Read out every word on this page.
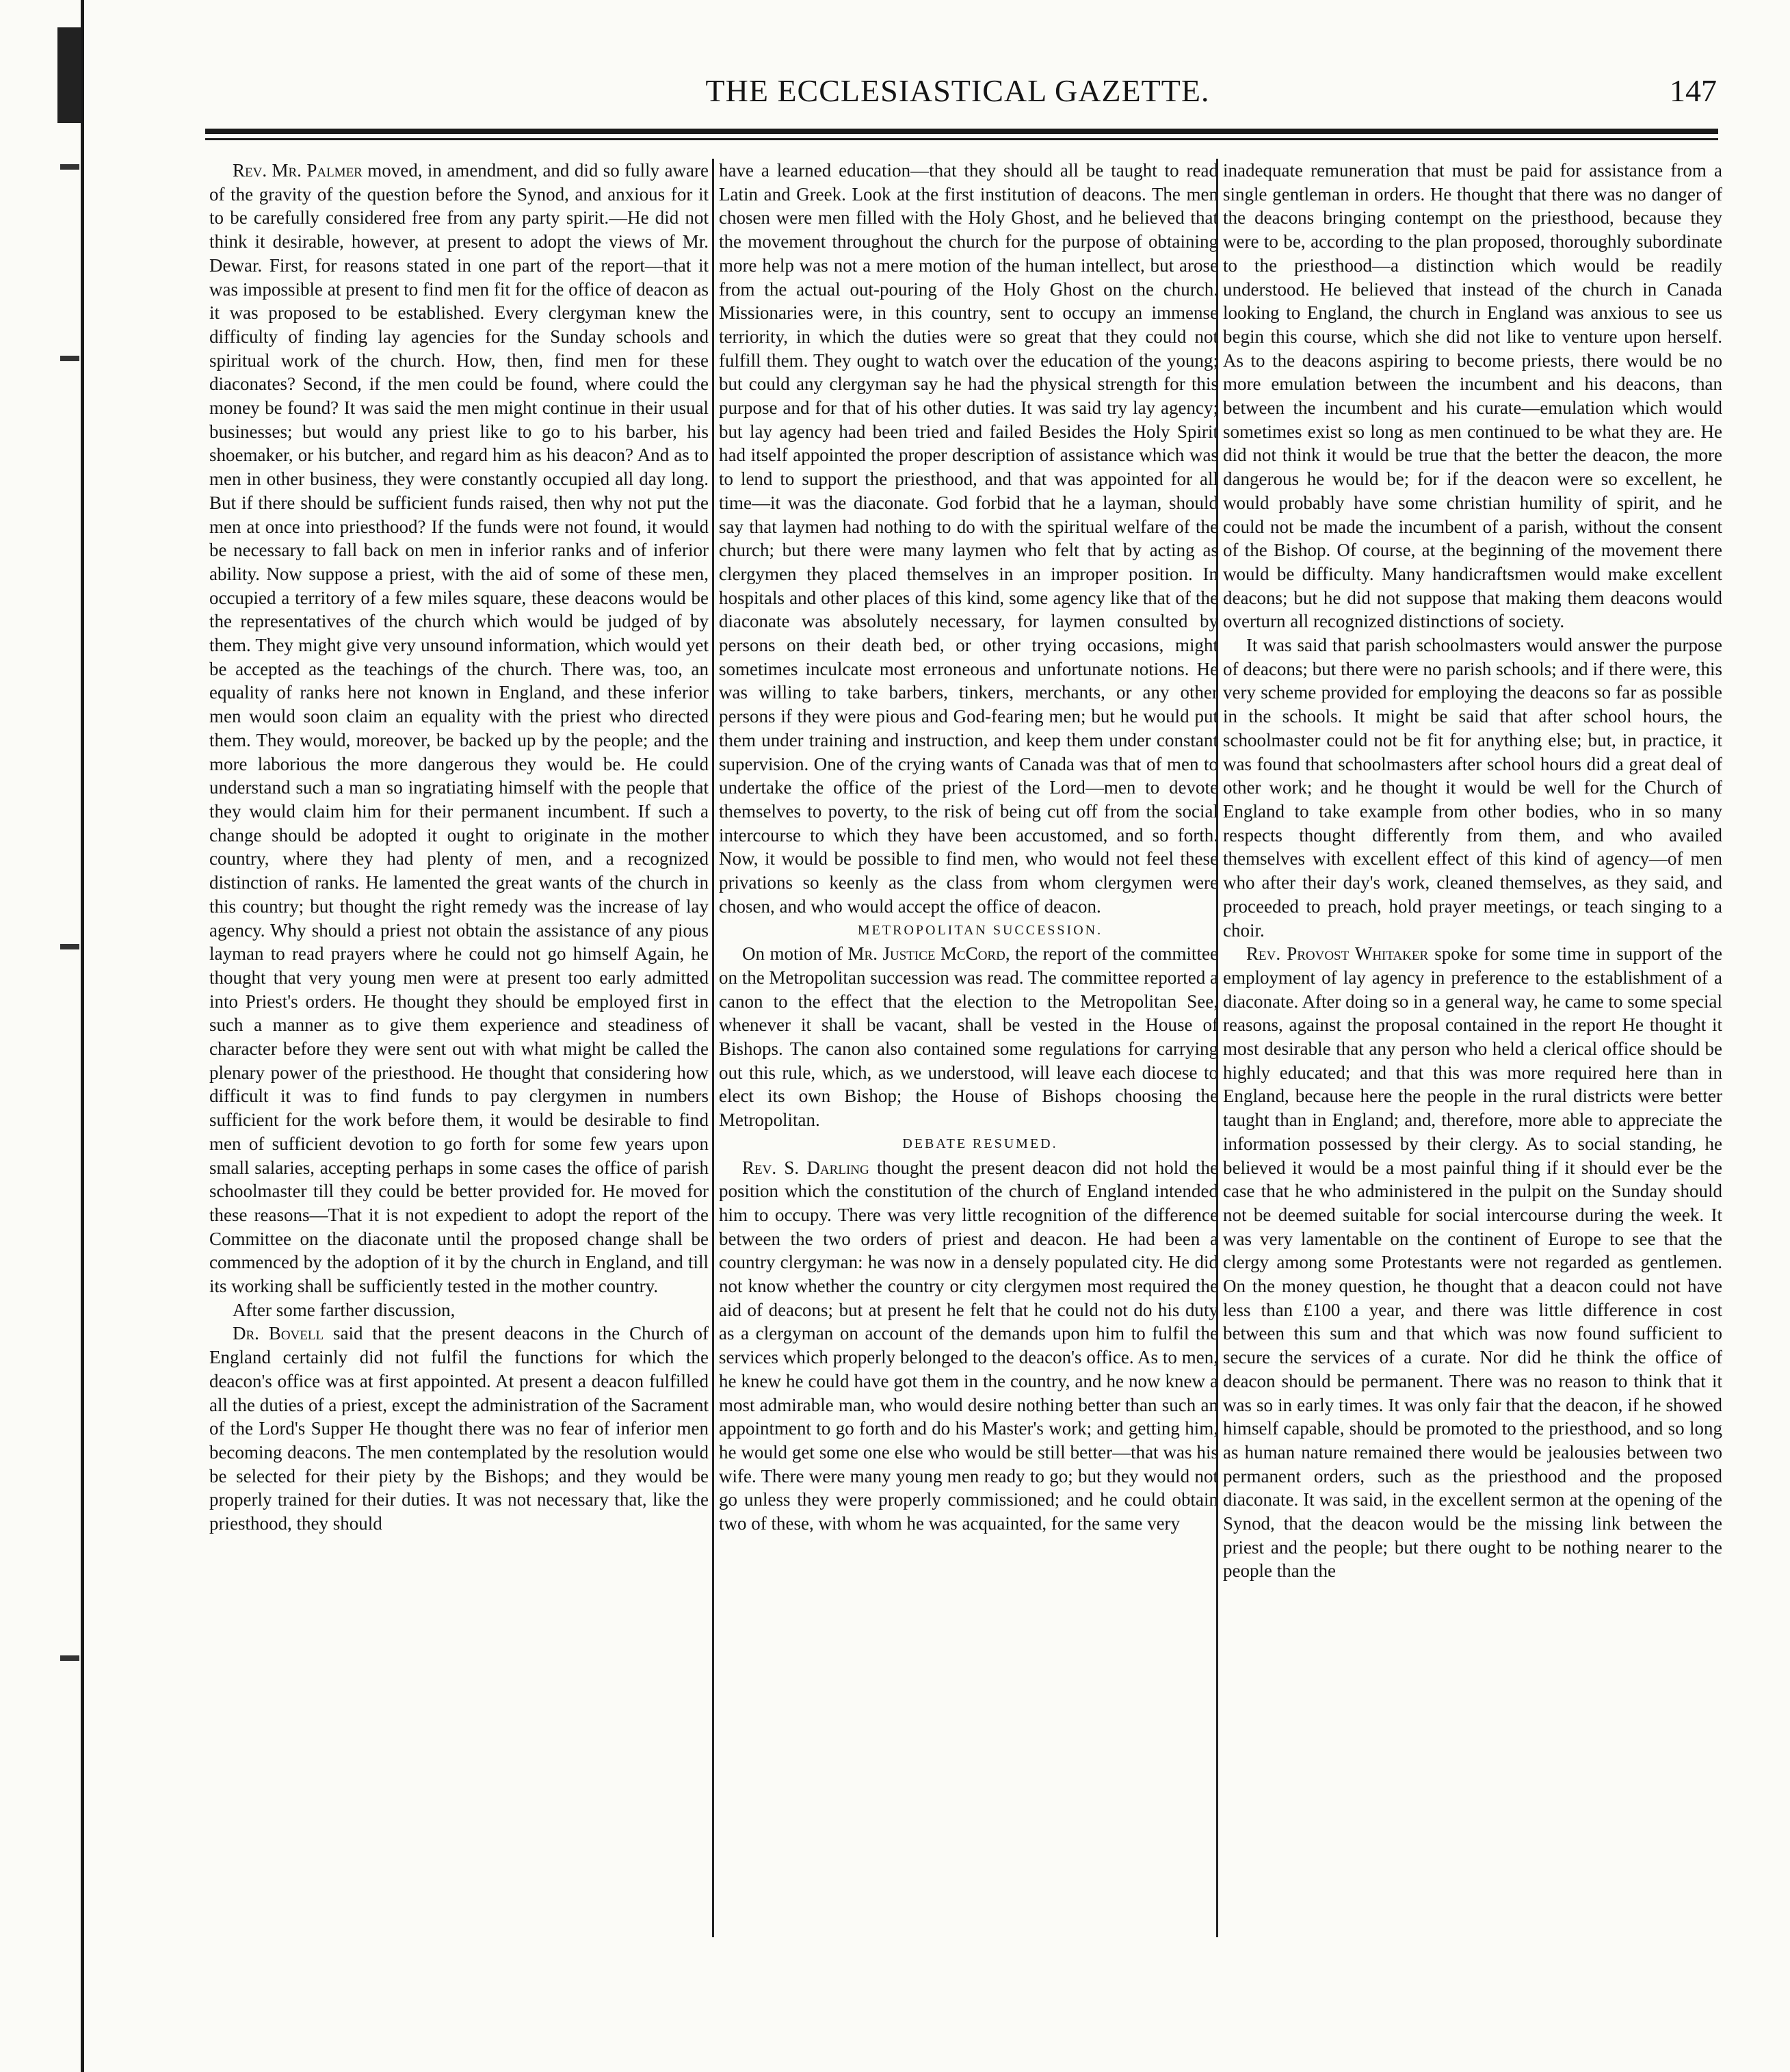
THE ECCLESIASTICAL GAZETTE.	147

Rev. Mr. Palmer moved, in amendment, and did so fully aware of the gravity of the question before the Synod, and anxious for it to be carefully considered free from any party spirit.—He did not think it desirable, however, at present to adopt the views of Mr. Dewar. First, for reasons stated in one part of the report—that it was impossible at present to find men fit for the office of deacon as it was proposed to be established. Every clergyman knew the difficulty of finding lay agencies for the Sunday schools and spiritual work of the church. How, then, find men for these diaconates? Second, if the men could be found, where could the money be found? It was said the men might continue in their usual businesses; but would any priest like to go to his barber, his shoemaker, or his butcher, and regard him as his deacon? And as to men in other business, they were constantly occupied all day long. But if there should be sufficient funds raised, then why not put the men at once into priesthood? If the funds were not found, it would be necessary to fall back on men in inferior ranks and of inferior ability. Now suppose a priest, with the aid of some of these men, occupied a territory of a few miles square, these deacons would be the representatives of the church which would be judged of by them. They might give very unsound information, which would yet be accepted as the teachings of the church. There was, too, an equality of ranks here not known in England, and these inferior men would soon claim an equality with the priest who directed them. They would, moreover, be backed up by the people; and the more laborious the more dangerous they would be. He could understand such a man so ingratiating himself with the people that they would claim him for their permanent incumbent. If such a change should be adopted it ought to originate in the mother country, where they had plenty of men, and a recognized distinction of ranks. He lamented the great wants of the church in this country; but thought the right remedy was the increase of lay agency. Why should a priest not obtain the assistance of any pious layman to read prayers where he could not go himself Again, he thought that very young men were at present too early admitted into Priest's orders. He thought they should be employed first in such a manner as to give them experience and steadiness of character before they were sent out with what might be called the plenary power of the priesthood. He thought that considering how difficult it was to find funds to pay clergymen in numbers sufficient for the work before them, it would be desirable to find men of sufficient devotion to go forth for some few years upon small salaries, accepting perhaps in some cases the office of parish schoolmaster till they could be better provided for. He moved for these reasons—That it is not expedient to adopt the report of the Committee on the diaconate until the proposed change shall be commenced by the adoption of it by the church in England, and till its working shall be sufficiently tested in the mother country.

After some farther discussion,

Dr. Bovell said that the present deacons in the Church of England certainly did not fulfil the functions for which the deacon's office was at first appointed. At present a deacon fulfilled all the duties of a priest, except the administration of the Sacrament of the Lord's Supper He thought there was no fear of inferior men becoming deacons. The men contemplated by the resolution would be selected for their piety by the Bishops; and they would be properly trained for their duties. It was not necessary that, like the priesthood, they should

have a learned education—that they should all be taught to read Latin and Greek. Look at the first institution of deacons. The men chosen were men filled with the Holy Ghost, and he believed that the movement throughout the church for the purpose of obtaining more help was not a mere motion of the human intellect, but arose from the actual out-pouring of the Holy Ghost on the church. Missionaries were, in this country, sent to occupy an immense terriority, in which the duties were so great that they could not fulfill them. They ought to watch over the education of the young; but could any clergyman say he had the physical strength for this purpose and for that of his other duties. It was said try lay agency; but lay agency had been tried and failed Besides the Holy Spirit had itself appointed the proper description of assistance which was to lend to support the priesthood, and that was appointed for all time—it was the diaconate. God forbid that he a layman, should say that laymen had nothing to do with the spiritual welfare of the church; but there were many laymen who felt that by acting as clergymen they placed themselves in an improper position. In hospitals and other places of this kind, some agency like that of the diaconate was absolutely necessary, for laymen consulted by persons on their death bed, or other trying occasions, might sometimes inculcate most erroneous and unfortunate notions. He was willing to take barbers, tinkers, merchants, or any other persons if they were pious and God-fearing men; but he would put them under training and instruction, and keep them under constant supervision. One of the crying wants of Canada was that of men to undertake the office of the priest of the Lord—men to devote themselves to poverty, to the risk of being cut off from the social intercourse to which they have been accustomed, and so forth. Now, it would be possible to find men, who would not feel these privations so keenly as the class from whom clergymen were chosen, and who would accept the office of deacon.

METROPOLITAN SUCCESSION.

On motion of Mr. Justice McCord, the report of the committee on the Metropolitan succession was read. The committee reported a canon to the effect that the election to the Metropolitan See, whenever it shall be vacant, shall be vested in the House of Bishops. The canon also contained some regulations for carrying out this rule, which, as we understood, will leave each diocese to elect its own Bishop; the House of Bishops choosing the Metropolitan.

DEBATE RESUMED.

Rev. S. Darling thought the present deacon did not hold the position which the constitution of the church of England intended him to occupy. There was very little recognition of the difference between the two orders of priest and deacon. He had been a country clergyman: he was now in a densely populated city. He did not know whether the country or city clergymen most required the aid of deacons; but at present he felt that he could not do his duty as a clergyman on account of the demands upon him to fulfil the services which properly belonged to the deacon's office. As to men, he knew he could have got them in the country, and he now knew a most admirable man, who would desire nothing better than such an appointment to go forth and do his Master's work; and getting him, he would get some one else who would be still better—that was his wife. There were many young men ready to go; but they would not go unless they were properly commissioned; and he could obtain two of these, with whom he was acquainted, for the same very

inadequate remuneration that must be paid for assistance from a single gentleman in orders. He thought that there was no danger of the deacons bringing contempt on the priesthood, because they were to be, according to the plan proposed, thoroughly subordinate to the priesthood—a distinction which would be readily understood. He believed that instead of the church in Canada looking to England, the church in England was anxious to see us begin this course, which she did not like to venture upon herself. As to the deacons aspiring to become priests, there would be no more emulation between the incumbent and his deacons, than between the incumbent and his curate—emulation which would sometimes exist so long as men continued to be what they are. He did not think it would be true that the better the deacon, the more dangerous he would be; for if the deacon were so excellent, he would probably have some christian humility of spirit, and he could not be made the incumbent of a parish, without the consent of the Bishop. Of course, at the beginning of the movement there would be difficulty. Many handicraftsmen would make excellent deacons; but he did not suppose that making them deacons would overturn all recognized distinctions of society.

It was said that parish schoolmasters would answer the purpose of deacons; but there were no parish schools; and if there were, this very scheme provided for employing the deacons so far as possible in the schools. It might be said that after school hours, the schoolmaster could not be fit for anything else; but, in practice, it was found that schoolmasters after school hours did a great deal of other work; and he thought it would be well for the Church of England to take example from other bodies, who in so many respects thought differently from them, and who availed themselves with excellent effect of this kind of agency—of men who after their day's work, cleaned themselves, as they said, and proceeded to preach, hold prayer meetings, or teach singing to a choir.

Rev. Provost Whitaker spoke for some time in support of the employment of lay agency in preference to the establishment of a diaconate. After doing so in a general way, he came to some special reasons, against the proposal contained in the report He thought it most desirable that any person who held a clerical office should be highly educated; and that this was more required here than in England, because here the people in the rural districts were better taught than in England; and, therefore, more able to appreciate the information possessed by their clergy. As to social standing, he believed it would be a most painful thing if it should ever be the case that he who administered in the pulpit on the Sunday should not be deemed suitable for social intercourse during the week. It was very lamentable on the continent of Europe to see that the clergy among some Protestants were not regarded as gentlemen. On the money question, he thought that a deacon could not have less than £100 a year, and there was little difference in cost between this sum and that which was now found sufficient to secure the services of a curate. Nor did he think the office of deacon should be permanent. There was no reason to think that it was so in early times. It was only fair that the deacon, if he showed himself capable, should be promoted to the priesthood, and so long as human nature remained there would be jealousies between two permanent orders, such as the priesthood and the proposed diaconate. It was said, in the excellent sermon at the opening of the Synod, that the deacon would be the missing link between the priest and the people; but there ought to be nothing nearer to the people than the
